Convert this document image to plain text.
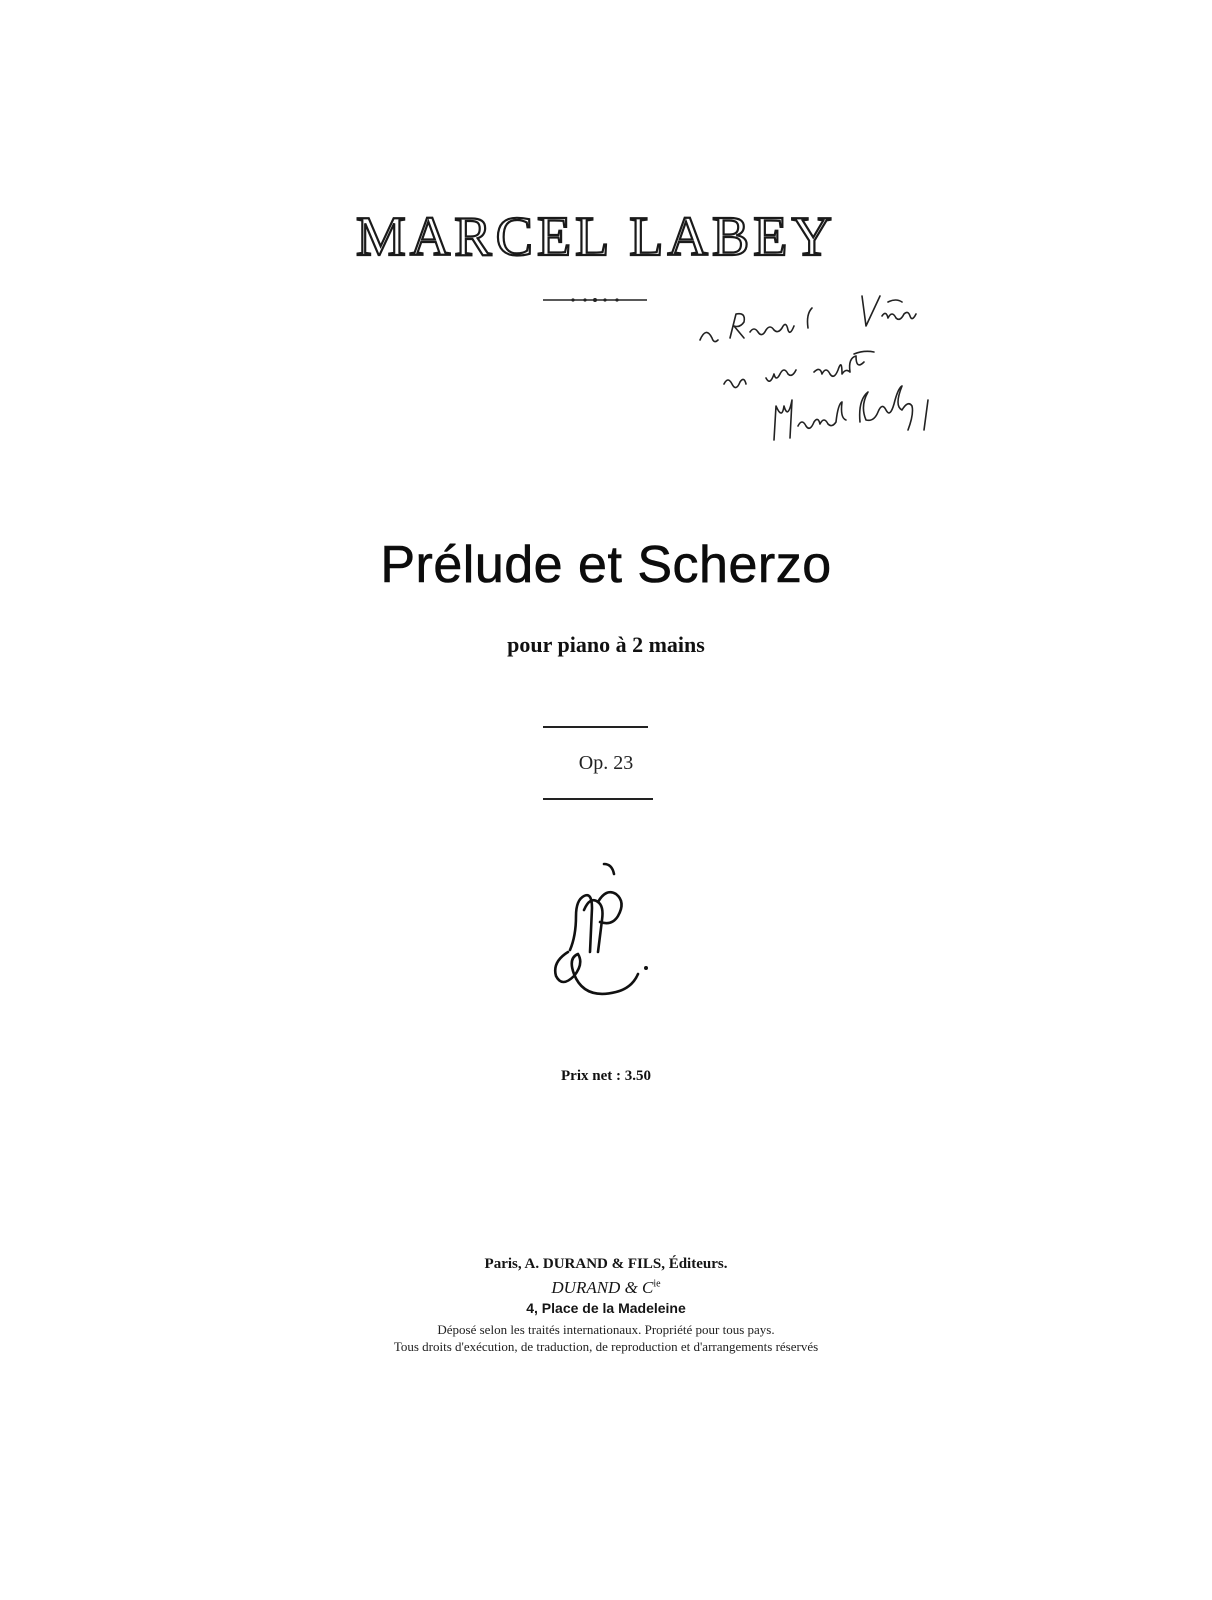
MARCEL LABEY
Prélude et Scherzo
pour piano à 2 mains
Op. 23
Prix net : 3.50
Paris, A. DURAND & FILS, Éditeurs.
DURAND & $C^{ie}$
4, Place de la Madeleine
Déposé selon les traités internationaux. Propriété pour tous pays.
Tous droits d'exécution, de traduction, de reproduction et d'arrangements réservés
